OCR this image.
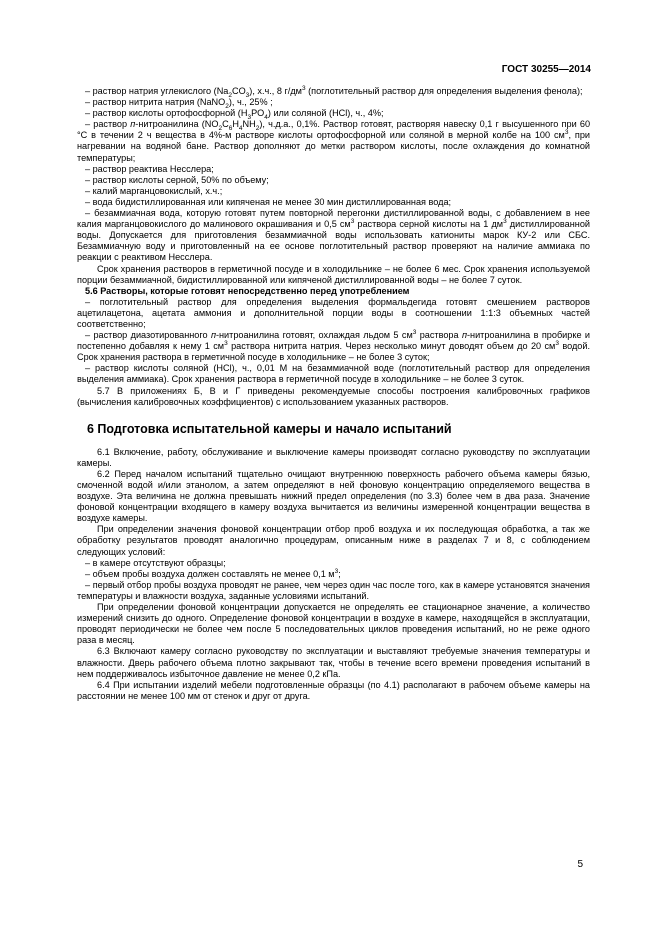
ГОСТ 30255—2014

– раствор натрия углекислого $(Na_2CO_3)$, х.ч., 8 $г/дм^3$ (поглотительный раствор для определения выделения фенола);

– раствор нитрита натрия (NaNO$_2$), ч., 25% ;

– раствор кислоты ортофосфорной $(H_3PO_4)$ или соляной (HCl), ч., 4%;

– раствор п-нитроанилина $(NO_2C_6H_4NH_2)$, ч.д.а., 0,1%. Раствор готовят, растворяя навеску 0,1 г высушенного при 60 °С в течении 2 ч вещества в 4%-м растворе кислоты ортофосфорной или соляной в мерной колбе на 100 $см^3$, при нагревании на водяной бане. Раствор дополняют до метки раствором кислоты, после охлаждения до комнатной температуры;

– раствор реактива Несслера;

– раствор кислоты серной, 50% по объему;

– калий марганцовокислый, х.ч.;

– вода бидистиллированная или кипяченая не менее 30 мин дистиллированная вода;

– безаммиачная вода, которую готовят путем повторной перегонки дистиллированной воды, с добавлением в нее калия марганцовокислого до малинового окрашивания и 0,5 $см^3$ раствора серной кислоты на 1 $дм^3$ дистиллированной воды. Допускается для приготовления безаммиачной воды использовать катиониты марок КУ-2 или СБС. Безаммиачную воду и приготовленный на ее основе поглотительный раствор проверяют на наличие аммиака по реакции с реактивом Несслера.

Срок хранения растворов в герметичной посуде и в холодильнике – не более 6 мес. Срок хранения используемой порции безаммиачной, бидистиллированной или кипяченой дистиллированной воды – не более 7 суток.

5.6 Растворы, которые готовят непосредственно перед употреблением

– поглотительный раствор для определения выделения формальдегида готовят смешением растворов ацетилацетона, ацетата аммония и дополнительной порции воды в соотношении 1:1:3 объемных частей соответственно;

– раствор диазотированного п-нитроанилина готовят, охлаждая льдом 5 $см^3$ раствора п-нитроанилина в пробирке и постепенно добавляя к нему 1 $см^3$ раствора нитрита натрия. Через несколько минут доводят объем до 20 $см^3$ водой. Срок хранения раствора в герметичной посуде в холодильнике – не более 3 суток;

– раствор кислоты соляной (HCl), ч., 0,01 М на безаммиачной воде (поглотительный раствор для определения выделения аммиака). Срок хранения раствора в герметичной посуде в холодильнике – не более 3 суток.

5.7 В приложениях Б, В и Г приведены рекомендуемые способы построения калибровочных графиков (вычисления калибровочных коэффициентов) с использованием указанных растворов.

6 Подготовка испытательной камеры и начало испытаний

6.1 Включение, работу, обслуживание и выключение камеры производят согласно руководству по эксплуатации камеры.

6.2 Перед началом испытаний тщательно очищают внутреннюю поверхность рабочего объема камеры бязью, смоченной водой и/или этанолом, а затем определяют в ней фоновую концентрацию определяемого вещества в воздухе. Эта величина не должна превышать нижний предел определения (по 3.3) более чем в два раза. Значение фоновой концентрации входящего в камеру воздуха вычитается из величины измеренной концентрации вещества в воздухе камеры.

При определении значения фоновой концентрации отбор проб воздуха и их последующая обработка, а так же обработку результатов проводят аналогично процедурам, описанным ниже в разделах 7 и 8, с соблюдением следующих условий:

– в камере отсутствуют образцы;

– объем пробы воздуха должен составлять не менее 0,1 $м^3$;

– первый отбор пробы воздуха проводят не ранее, чем через один час после того, как в камере установятся значения температуры и влажности воздуха, заданные условиями испытаний.

При определении фоновой концентрации допускается не определять ее стационарное значение, а количество измерений снизить до одного. Определение фоновой концентрации в воздухе в камере, находящейся в эксплуатации, проводят периодически не более чем после 5 последовательных циклов проведения испытаний, но не реже одного раза в месяц.

6.3 Включают камеру согласно руководству по эксплуатации и выставляют требуемые значения температуры и влажности. Дверь рабочего объема плотно закрывают так, чтобы в течение всего времени проведения испытаний в нем поддерживалось избыточное давление не менее 0,2 кПа.

6.4 При испытании изделий мебели подготовленные образцы (по 4.1) располагают в рабочем объеме камеры на расстоянии не менее 100 мм от стенок и друг от друга.

5
